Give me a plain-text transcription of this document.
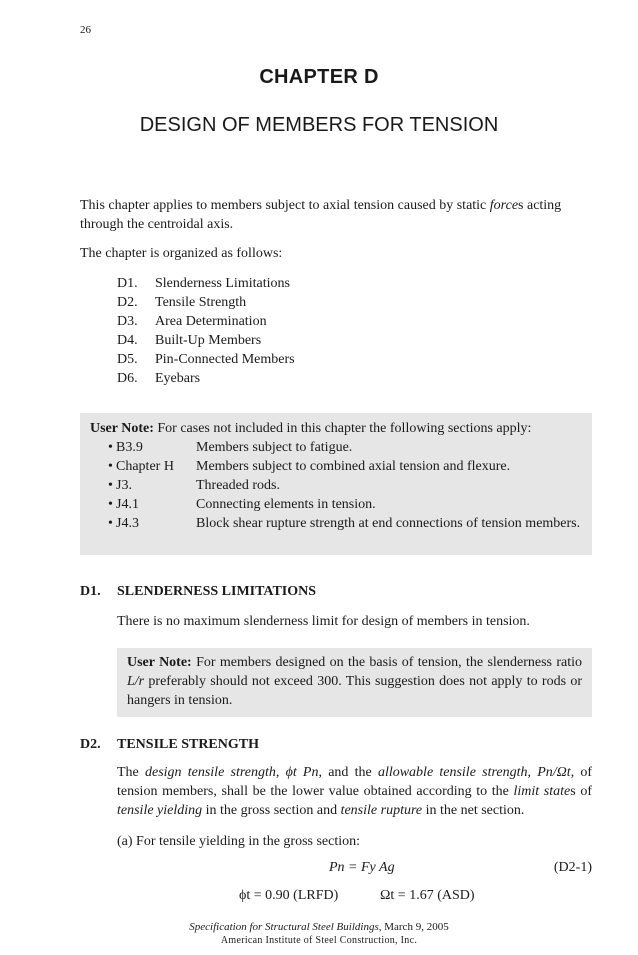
26
CHAPTER D
DESIGN OF MEMBERS FOR TENSION
This chapter applies to members subject to axial tension caused by static forces acting through the centroidal axis.
The chapter is organized as follows:
D1.	Slenderness Limitations
D2.	Tensile Strength
D3.	Area Determination
D4.	Built-Up Members
D5.	Pin-Connected Members
D6.	Eyebars
User Note: For cases not included in this chapter the following sections apply:
• B3.9	Members subject to fatigue.
• Chapter H	Members subject to combined axial tension and flexure.
• J3.	Threaded rods.
• J4.1	Connecting elements in tension.
• J4.3	Block shear rupture strength at end connections of tension members.
D1.	SLENDERNESS LIMITATIONS
There is no maximum slenderness limit for design of members in tension.
User Note: For members designed on the basis of tension, the slenderness ratio L/r preferably should not exceed 300. This suggestion does not apply to rods or hangers in tension.
D2.	TENSILE STRENGTH
The design tensile strength, ϕt Pn, and the allowable tensile strength, Pn/Ωt, of tension members, shall be the lower value obtained according to the limit states of tensile yielding in the gross section and tensile rupture in the net section.
(a) For tensile yielding in the gross section:
Pn = Fy Ag	(D2-1)
ϕt = 0.90 (LRFD)	Ωt = 1.67 (ASD)
Specification for Structural Steel Buildings, March 9, 2005
American Institute of Steel Construction, Inc.
